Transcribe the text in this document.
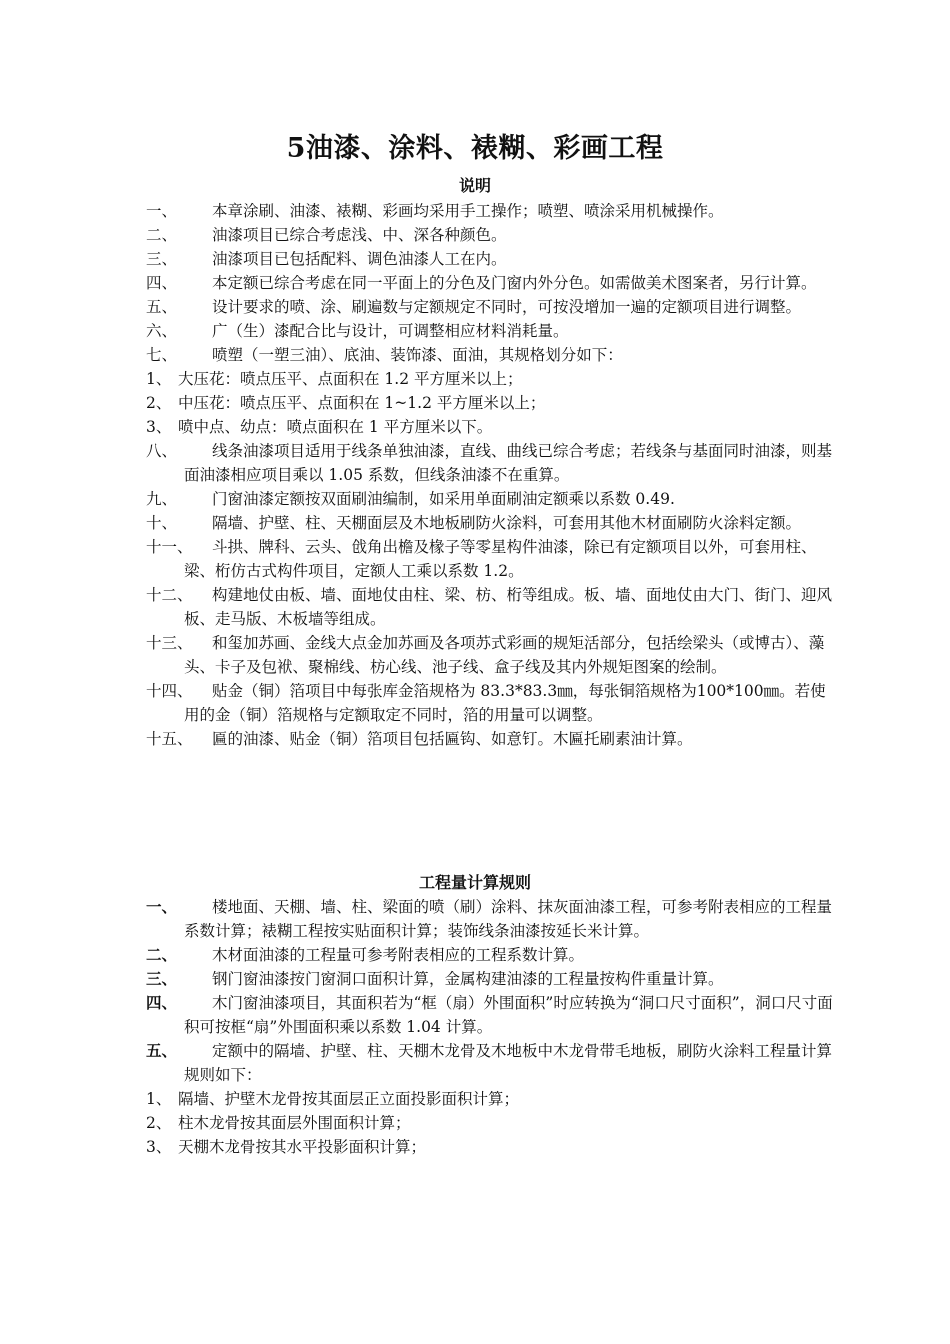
5油漆、涂料、裱糊、彩画工程
说明
一、	本章涂刷、油漆、裱糊、彩画均采用手工操作；喷塑、喷涂采用机械操作。
二、	油漆项目已综合考虑浅、中、深各种颜色。
三、	油漆项目已包括配料、调色油漆人工在内。
四、	本定额已综合考虑在同一平面上的分色及门窗内外分色。如需做美术图案者，另行计算。
五、	设计要求的喷、涂、刷遍数与定额规定不同时，可按没增加一遍的定额项目进行调整。
六、	广（生）漆配合比与设计，可调整相应材料消耗量。
七、	喷塑（一塑三油）、底油、装饰漆、面油，其规格划分如下：
1、 大压花：喷点压平、点面积在 1.2 平方厘米以上；
2、 中压花：喷点压平、点面积在 1~1.2 平方厘米以上；
3、 喷中点、幼点：喷点面积在 1 平方厘米以下。
八、	线条油漆项目适用于线条单独油漆，直线、曲线已综合考虑；若线条与基面同时油漆，则基面油漆相应项目乘以 1.05 系数，但线条油漆不在重算。
九、	门窗油漆定额按双面刷油编制，如采用单面刷油定额乘以系数 0.49.
十、	隔墙、护壁、柱、天棚面层及木地板刷防火涂料，可套用其他木材面刷防火涂料定额。
十一、	斗拱、牌科、云头、戗角出檐及椽子等零星构件油漆，除已有定额项目以外，可套用柱、梁、桁仿古式构件项目，定额人工乘以系数 1.2。
十二、	构建地仗由板、墙、面地仗由柱、梁、枋、桁等组成。板、墙、面地仗由大门、街门、迎风板、走马版、木板墙等组成。
十三、	和玺加苏画、金线大点金加苏画及各项苏式彩画的规矩活部分，包括绘梁头（或博古）、藻头、卡子及包袱、聚棉线、枋心线、池子线、盒子线及其内外规矩图案的绘制。
十四、	贴金（铜）箔项目中每张库金箔规格为 83.3*83.3㎜，每张铜箔规格为100*100㎜。若使用的金（铜）箔规格与定额取定不同时，箔的用量可以调整。
十五、	匾的油漆、贴金（铜）箔项目包括匾钩、如意钉。木匾托刷素油计算。
工程量计算规则
一、	楼地面、天棚、墙、柱、梁面的喷（刷）涂料、抹灰面油漆工程，可参考附表相应的工程量系数计算；裱糊工程按实贴面积计算；装饰线条油漆按延长米计算。
二、	木材面油漆的工程量可参考附表相应的工程系数计算。
三、	钢门窗油漆按门窗洞口面积计算，金属构建油漆的工程量按构件重量计算。
四、	木门窗油漆项目，其面积若为“框（扇）外围面积”时应转换为“洞口尺寸面积”，洞口尺寸面积可按框“扇”外围面积乘以系数 1.04 计算。
五、	定额中的隔墙、护壁、柱、天棚木龙骨及木地板中木龙骨带毛地板，刷防火涂料工程量计算规则如下：
1、 隔墙、护壁木龙骨按其面层正立面投影面积计算；
2、 柱木龙骨按其面层外围面积计算；
3、 天棚木龙骨按其水平投影面积计算；
